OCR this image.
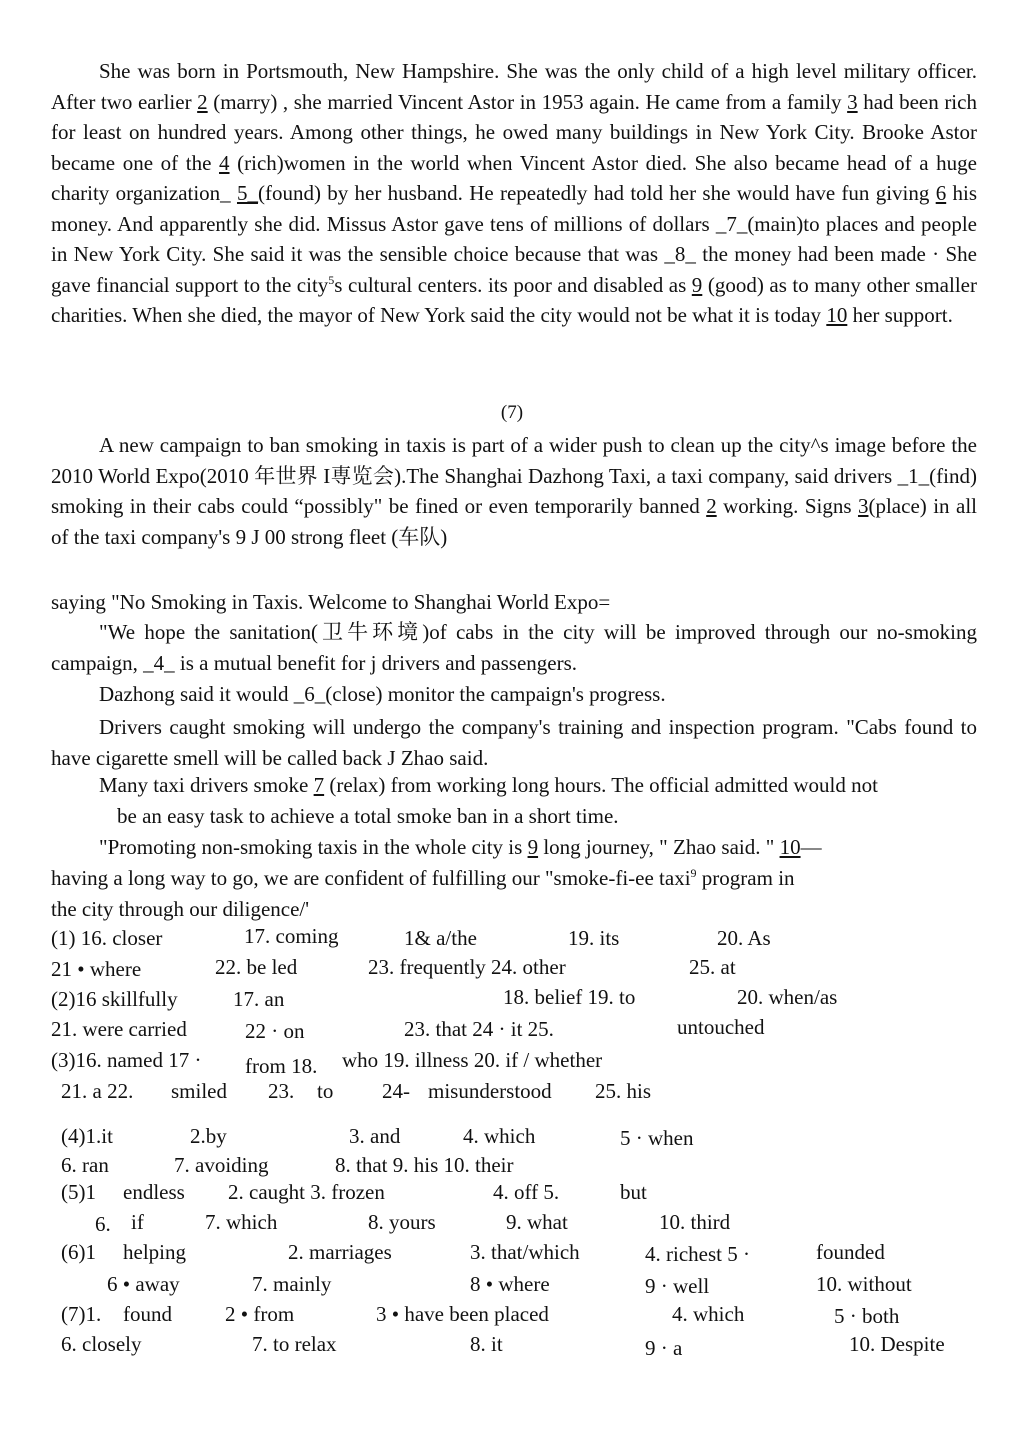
She was born in Portsmouth, New Hampshire. She was the only child of a high level military officer. After two earlier 2 (marry) , she married Vincent Astor in 1953 again. He came from a family 3 had been rich for least on hundred years. Among other things, he owed many buildings in New York City. Brooke Astor became one of the 4 (rich)women in the world when Vincent Astor died. She also became head of a huge charity organization_ 5_(found) by her husband. He repeatedly had told her she would have fun giving 6 his money. And apparently she did. Missus Astor gave tens of millions of dollars _7_(main)to places and people in New York City. She said it was the sensible choice because that was _8_ the money had been made · She gave financial support to the city$^5$s cultural centers. its poor and disabled as 9 (good) as to many other smaller charities. When she died, the mayor of New York said the city would not be what it is today 10 her support.
(7)
A new campaign to ban smoking in taxis is part of a wider push to clean up the city^s image before the 2010 World Expo(2010 年世界 I専览会).The Shanghai Dazhong Taxi, a taxi company, said drivers _1_(find) smoking in their cabs could “possibly" be fined or even temporarily banned 2 working. Signs 3(place) in all of the taxi company's 9 J 00 strong fleet (车队)
saying "No Smoking in Taxis. Welcome to Shanghai World Expo=
"We hope the sanitation(卫牛环境)of cabs in the city will be improved through our no-smoking campaign, _4_ is a mutual benefit for j drivers and passengers.
Dazhong said it would _6_(close) monitor the campaign's progress.
Drivers caught smoking will undergo the company's training and inspection program. "Cabs found to have cigarette smell will be called back J Zhao said.
Many taxi drivers smoke 7 (relax) from working long hours. The official admitted would not
be an easy task to achieve a total smoke ban in a short time.
"Promoting non-smoking taxis in the whole city is 9 long journey, " Zhao said. " 10—
having a long way to go, we are confident of fulfilling our "smoke-fi-ee taxi$^9$ program in
the city through our diligence/'
(1) 16. closer	17. coming	1& a/the	19. its	20. As
21 • where	22. be led	23. frequently 24. other	25. at
(2)16 skillfully	17. an	18. belief 19. to	20. when/as
21. were carried	22 · on	23. that 24 · it 25.	untouched
(3)16. named 17 · from 18. who 19. illness 20. if / whether
21. a 22. smiled 23. to 24- misunderstood 25. his
(4)1.it	2.by	3. and	4. which	5 · when
6. ran	7. avoiding	8. that 9. his 10. their
(5)1 endless 2. caught 3. frozen	4. off 5.	but
6. if	7. which	8. yours	9. what	10. third
(6)1 helping	2. marriages	3. that/which	4. richest 5 ·	founded
6 • away	7. mainly	8 • where	9 · well	10. without
(7)1. found	2 • from	3 • have been placed	4. which	5 · both
6. closely	7. to relax	8. it	9 · a	10. Despite
